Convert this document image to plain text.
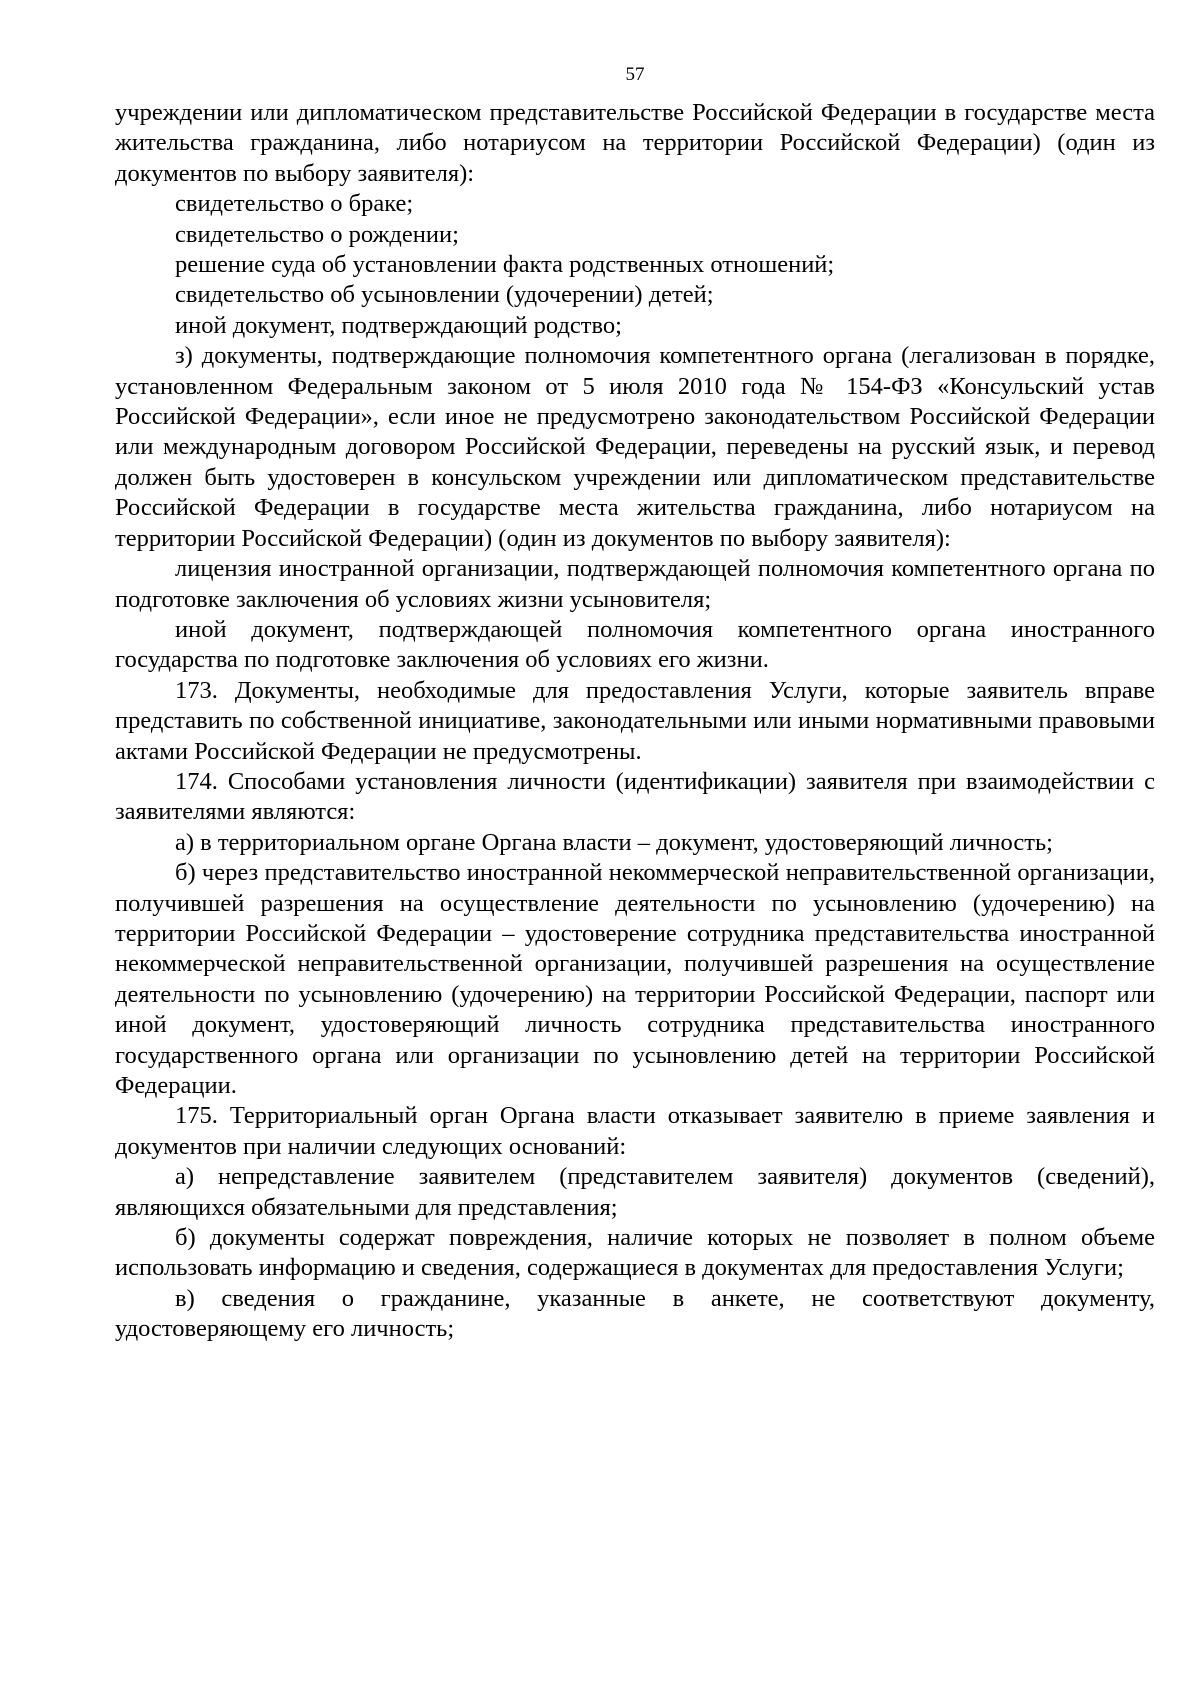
57

учреждении или дипломатическом представительстве Российской Федерации в государстве места жительства гражданина, либо нотариусом на территории Российской Федерации) (один из документов по выбору заявителя):

свидетельство о браке;

свидетельство о рождении;

решение суда об установлении факта родственных отношений;

свидетельство об усыновлении (удочерении) детей;

иной документ, подтверждающий родство;

з) документы, подтверждающие полномочия компетентного органа (легализован в порядке, установленном Федеральным законом от 5 июля 2010 года № 154-ФЗ «Консульский устав Российской Федерации», если иное не предусмотрено законодательством Российской Федерации или международным договором Российской Федерации, переведены на русский язык, и перевод должен быть удостоверен в консульском учреждении или дипломатическом представительстве Российской Федерации в государстве места жительства гражданина, либо нотариусом на территории Российской Федерации) (один из документов по выбору заявителя):

лицензия иностранной организации, подтверждающей полномочия компетентного органа по подготовке заключения об условиях жизни усыновителя;

иной документ, подтверждающей полномочия компетентного органа иностранного государства по подготовке заключения об условиях его жизни.

173. Документы, необходимые для предоставления Услуги, которые заявитель вправе представить по собственной инициативе, законодательными или иными нормативными правовыми актами Российской Федерации не предусмотрены.

174. Способами установления личности (идентификации) заявителя при взаимодействии с заявителями являются:

а) в территориальном органе Органа власти – документ, удостоверяющий личность;

б) через представительство иностранной некоммерческой неправительственной организации, получившей разрешения на осуществление деятельности по усыновлению (удочерению) на территории Российской Федерации – удостоверение сотрудника представительства иностранной некоммерческой неправительственной организации, получившей разрешения на осуществление деятельности по усыновлению (удочерению) на территории Российской Федерации, паспорт или иной документ, удостоверяющий личность сотрудника представительства иностранного государственного органа или организации по усыновлению детей на территории Российской Федерации.

175. Территориальный орган Органа власти отказывает заявителю в приеме заявления и документов при наличии следующих оснований:

а) непредставление заявителем (представителем заявителя) документов (сведений), являющихся обязательными для представления;

б) документы содержат повреждения, наличие которых не позволяет в полном объеме использовать информацию и сведения, содержащиеся в документах для предоставления Услуги;

в) сведения о гражданине, указанные в анкете, не соответствуют документу, удостоверяющему его личность;
